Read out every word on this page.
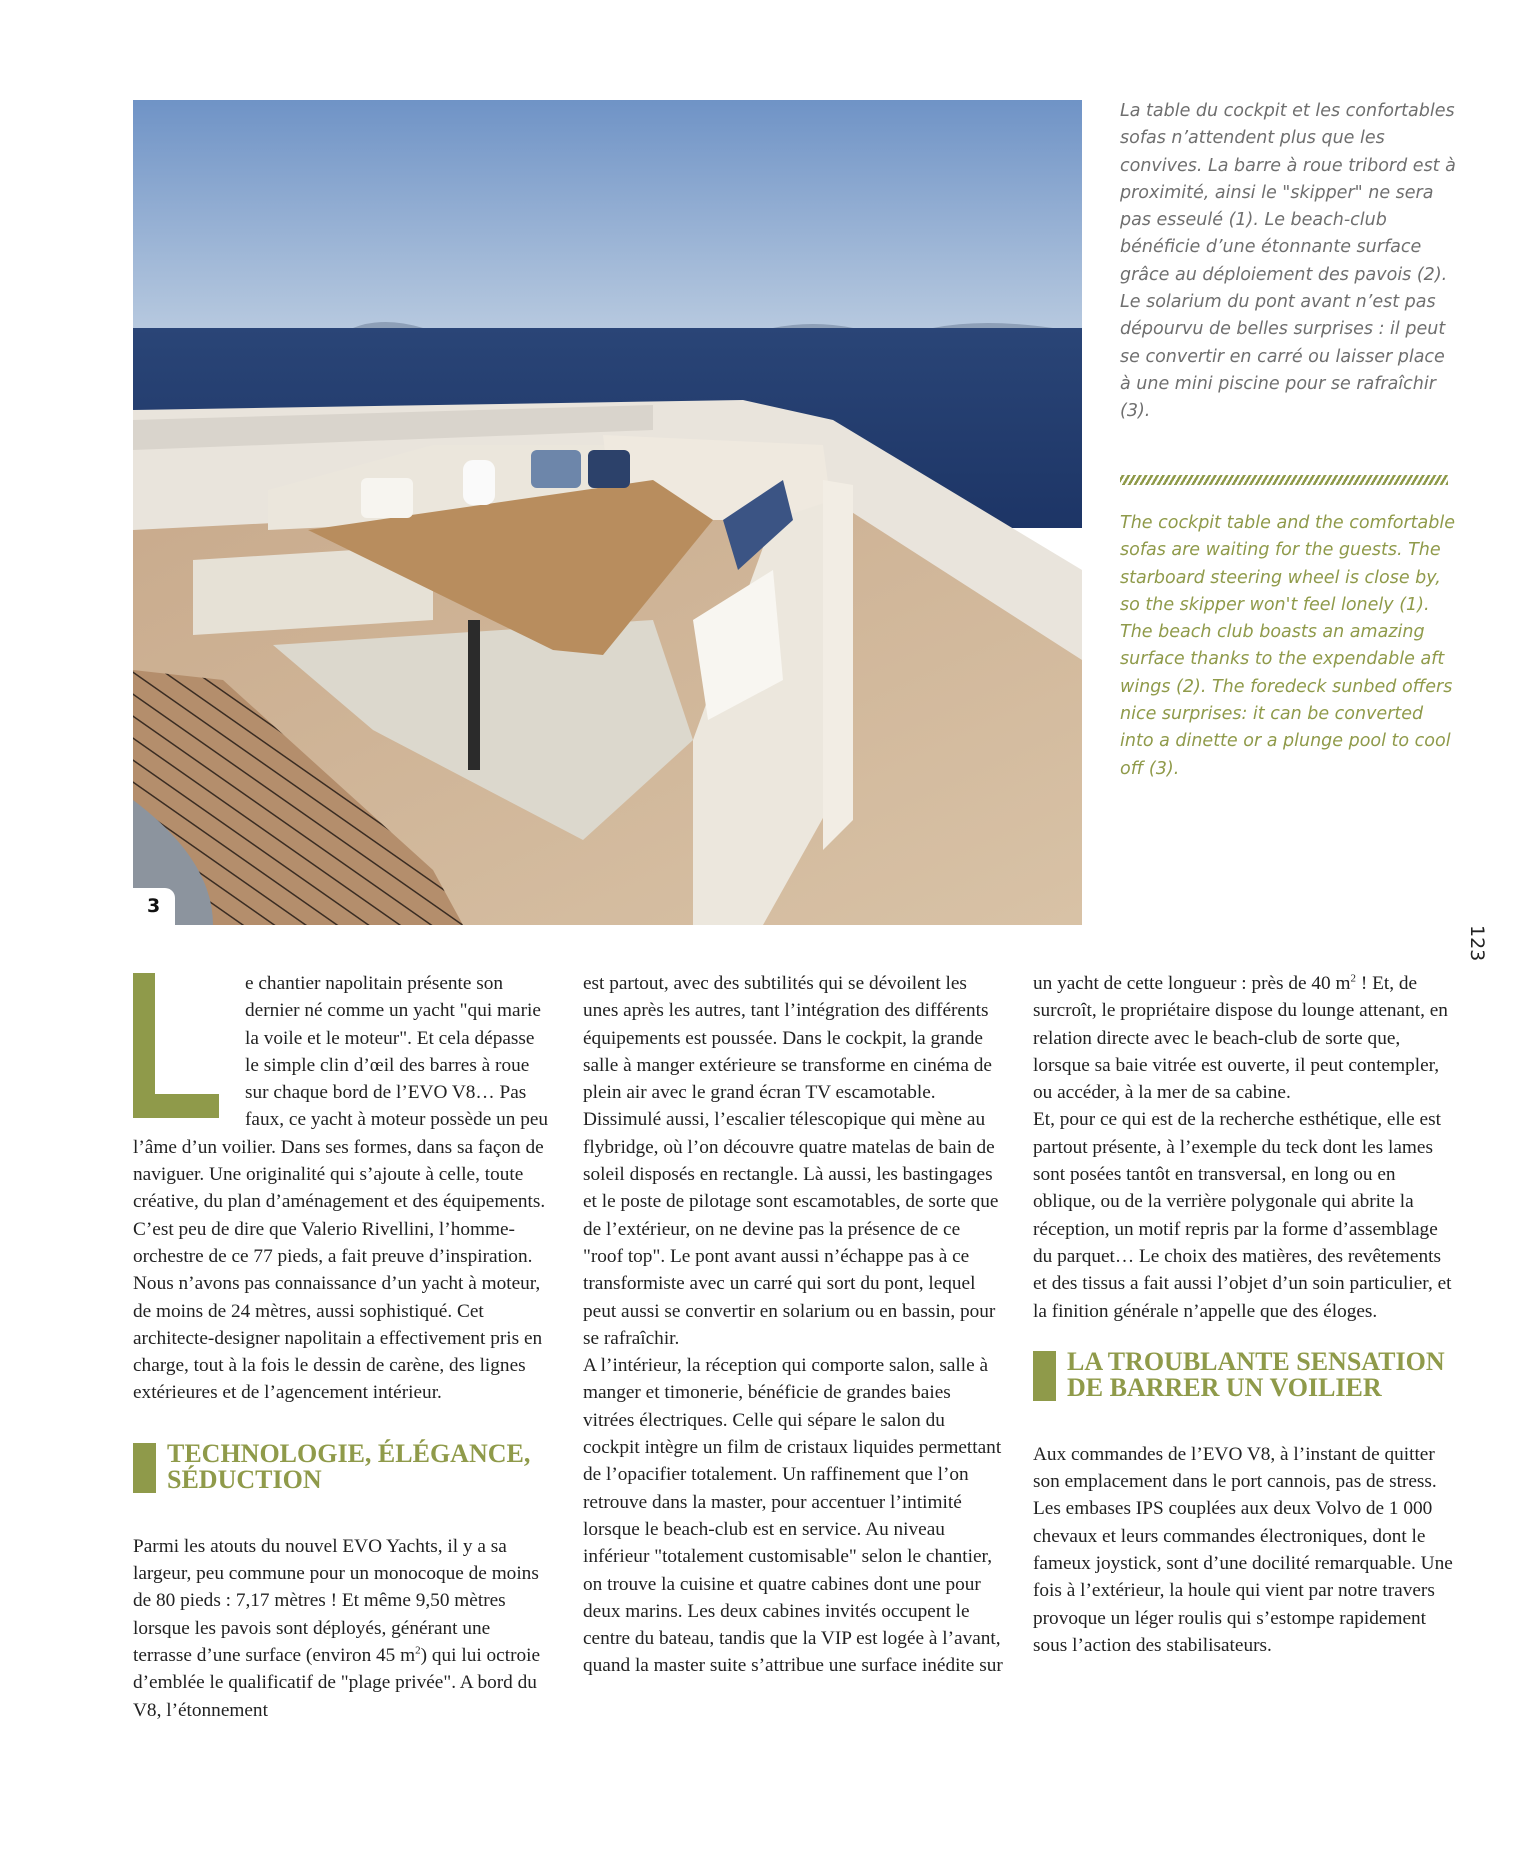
3
La table du cockpit et les confortables sofas n’attendent plus que les convives. La barre à roue tribord est à proximité, ainsi le "skipper" ne sera pas esseulé (1). Le beach-club bénéficie d’une étonnante surface grâce au déploiement des pavois (2). Le solarium du pont avant n’est pas dépourvu de belles surprises : il peut se convertir en carré ou laisser place à une mini piscine pour se rafraîchir (3).
The cockpit table and the comfortable sofas are waiting for the guests. The starboard steering wheel is close by, so the skipper won't feel lonely (1). The beach club boasts an amazing surface thanks to the expendable aft wings (2). The foredeck sunbed offers nice surprises: it can be converted into a dinette or a plunge pool to cool off (3).
123

e chantier napolitain présente son dernier né comme un yacht "qui marie la voile et le moteur". Et cela dépasse le simple clin d’œil des barres à roue sur chaque bord de l’EVO V8… Pas faux, ce yacht à moteur possède un peu l’âme d’un voilier. Dans ses formes, dans sa façon de naviguer. Une originalité qui s’ajoute à celle, toute créative, du plan d’aménagement et des équipements. C’est peu de dire que Valerio Rivellini, l’homme-orchestre de ce 77 pieds, a fait preuve d’inspiration. Nous n’avons pas connaissance d’un yacht à moteur, de moins de 24 mètres, aussi sophistiqué. Cet architecte-designer napolitain a effectivement pris en charge, tout à la fois le dessin de carène, des lignes extérieures et de l’agencement intérieur.

TECHNOLOGIE, ÉLÉGANCE, SÉDUCTION

Parmi les atouts du nouvel EVO Yachts, il y a sa largeur, peu commune pour un monocoque de moins de 80 pieds : 7,17 mètres ! Et même 9,50 mètres lorsque les pavois sont déployés, générant une terrasse d’une surface (environ 45 $m^2$) qui lui octroie d’emblée le qualificatif de "plage privée". A bord du V8, l’étonnement

est partout, avec des subtilités qui se dévoilent les unes après les autres, tant l’intégration des différents équipements est poussée. Dans le cockpit, la grande salle à manger extérieure se transforme en cinéma de plein air avec le grand écran TV escamotable. Dissimulé aussi, l’escalier télescopique qui mène au flybridge, où l’on découvre quatre matelas de bain de soleil disposés en rectangle. Là aussi, les bastingages et le poste de pilotage sont escamotables, de sorte que de l’extérieur, on ne devine pas la présence de ce "roof top". Le pont avant aussi n’échappe pas à ce transformiste avec un carré qui sort du pont, lequel peut aussi se convertir en solarium ou en bassin, pour se rafraîchir.

A l’intérieur, la réception qui comporte salon, salle à manger et timonerie, bénéficie de grandes baies vitrées électriques. Celle qui sépare le salon du cockpit intègre un film de cristaux liquides permettant de l’opacifier totalement. Un raffinement que l’on retrouve dans la master, pour accentuer l’intimité lorsque le beach-club est en service. Au niveau inférieur "totalement customisable" selon le chantier, on trouve la cuisine et quatre cabines dont une pour deux marins. Les deux cabines invités occupent le centre du bateau, tandis que la VIP est logée à l’avant, quand la master suite s’attribue une surface inédite sur

un yacht de cette longueur : près de 40 $m^2$ ! Et, de surcroît, le propriétaire dispose du lounge attenant, en relation directe avec le beach-club de sorte que, lorsque sa baie vitrée est ouverte, il peut contempler, ou accéder, à la mer de sa cabine.

Et, pour ce qui est de la recherche esthétique, elle est partout présente, à l’exemple du teck dont les lames sont posées tantôt en transversal, en long ou en oblique, ou de la verrière polygonale qui abrite la réception, un motif repris par la forme d’assemblage du parquet… Le choix des matières, des revêtements et des tissus a fait aussi l’objet d’un soin particulier, et la finition générale n’appelle que des éloges.

LA TROUBLANTE SENSATION DE BARRER UN VOILIER

Aux commandes de l’EVO V8, à l’instant de quitter son emplacement dans le port cannois, pas de stress. Les embases IPS couplées aux deux Volvo de 1 000 chevaux et leurs commandes électroniques, dont le fameux joystick, sont d’une docilité remarquable. Une fois à l’extérieur, la houle qui vient par notre travers provoque un léger roulis qui s’estompe rapidement sous l’action des stabilisateurs.
